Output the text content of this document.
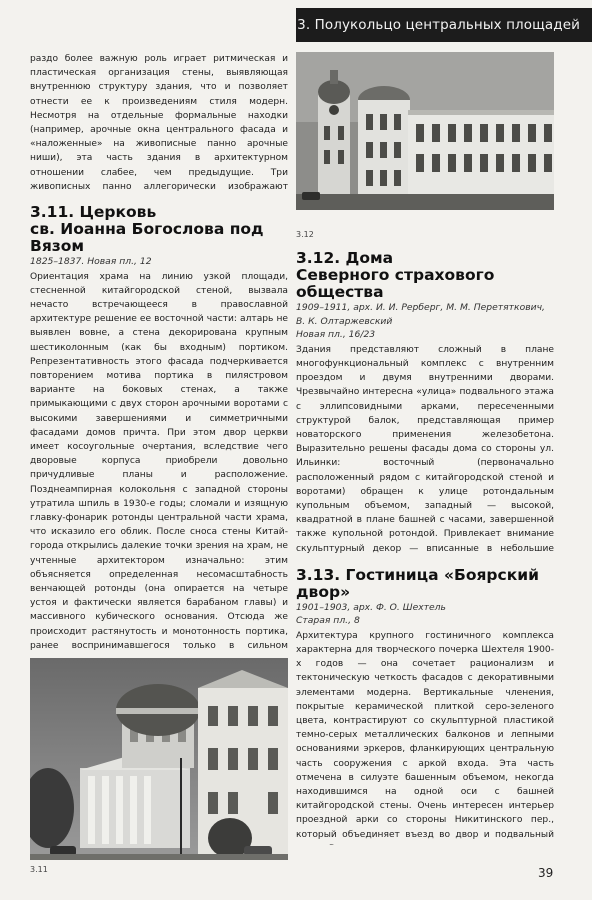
3. Полукольцо центральных площадей

раздо более важную роль играет ритмическая и пластическая организация стены, выявляющая внутреннюю структуру здания, что и позволяет отнести ее к произведениям стиля модерн. Несмотря на отдельные формальные находки (например, арочные окна центрального фасада и «наложенные» на живописные панно арочные ниши), эта часть здания в архитектурном отношении слабее, чем предыдущие. Три живописных панно аллегорически изображают

3.11. Церковь

св. Иоанна Богослова под Вязом

1825–1837. Новая пл., 12

Ориентация храма на линию узкой площади, стесненной китайгородской стеной, вызвала нечасто встречающееся в православной архитектуре решение ее восточной части: алтарь не выявлен вовне, а стена декорирована крупным шестиколонным (как бы входным) портиком. Репрезентативность этого фасада подчеркивается повторением мотива портика в пилястровом варианте на боковых стенах, а также примыкающими с двух сторон арочными воротами с высокими завершениями и симметричными фасадами домов причта. При этом двор церкви имеет косоугольные очертания, вследствие чего дворовые корпуса приобрели довольно причудливые планы и расположение. Позднеампирная колокольня с западной стороны утратила шпиль в 1930-е годы; сломали и изящную главку-фонарик ротонды центральной части храма, что исказило его облик. После сноса стены Китай-города открылись далекие точки зрения на храм, не учтенные архитектором изначально: этим объясняется определенная несомасштабность венчающей ротонды (она опирается на четыре устоя и фактически является барабаном главы) и массивного кубического основания. Отсюда же происходит растянутость и монотонность портика, ранее воспринимавшегося только в сильном

3.11

3.12

3.12. Дома

Северного страхового общества

1909–1911, арх. И. И. Рерберг, М. М. Перетяткович,

В. К. Олтаржевский

Новая пл., 16/23

Здания представляют сложный в плане многофункциональный комплекс с внутренним проездом и двумя внутренними дворами. Чрезвычайно интересна «улица» подвального этажа с эллипсовидными арками, пересеченными структурой балок, представляющая пример новаторского применения железобетона. Выразительно решены фасады дома со стороны ул. Ильинки: восточный (первоначально расположенный рядом с китайгородской стеной и воротами) обращен к улице ротондальным купольным объемом, западный — высокой, квадратной в плане башней с часами, завершенной также купольной ротондой. Привлекает внимание скульптурный декор — вписанные в небольшие

3.13. Гостиница «Боярский двор»

1901–1903, арх. Ф. О. Шехтель

Старая пл., 8

Архитектура крупного гостиничного комплекса характерна для творческого почерка Шехтеля 1900-х годов — она сочетает рационализм и тектоническую четкость фасадов с декоративными элементами модерна. Вертикальные членения, покрытые керамической плиткой серо-зеленого цвета, контрастируют со скульптурной пластикой темно-серых металлических балконов и лепными основаниями эркеров, фланкирующих центральную часть сооружения с аркой входа. Эта часть отмечена в силуэте башенным объемом, некогда находившимся на одной оси с башней китайгородской стены. Очень интересен интерьер проездной арки со стороны Никитинского пер., который объединяет въезд во двор и подвальный

39
